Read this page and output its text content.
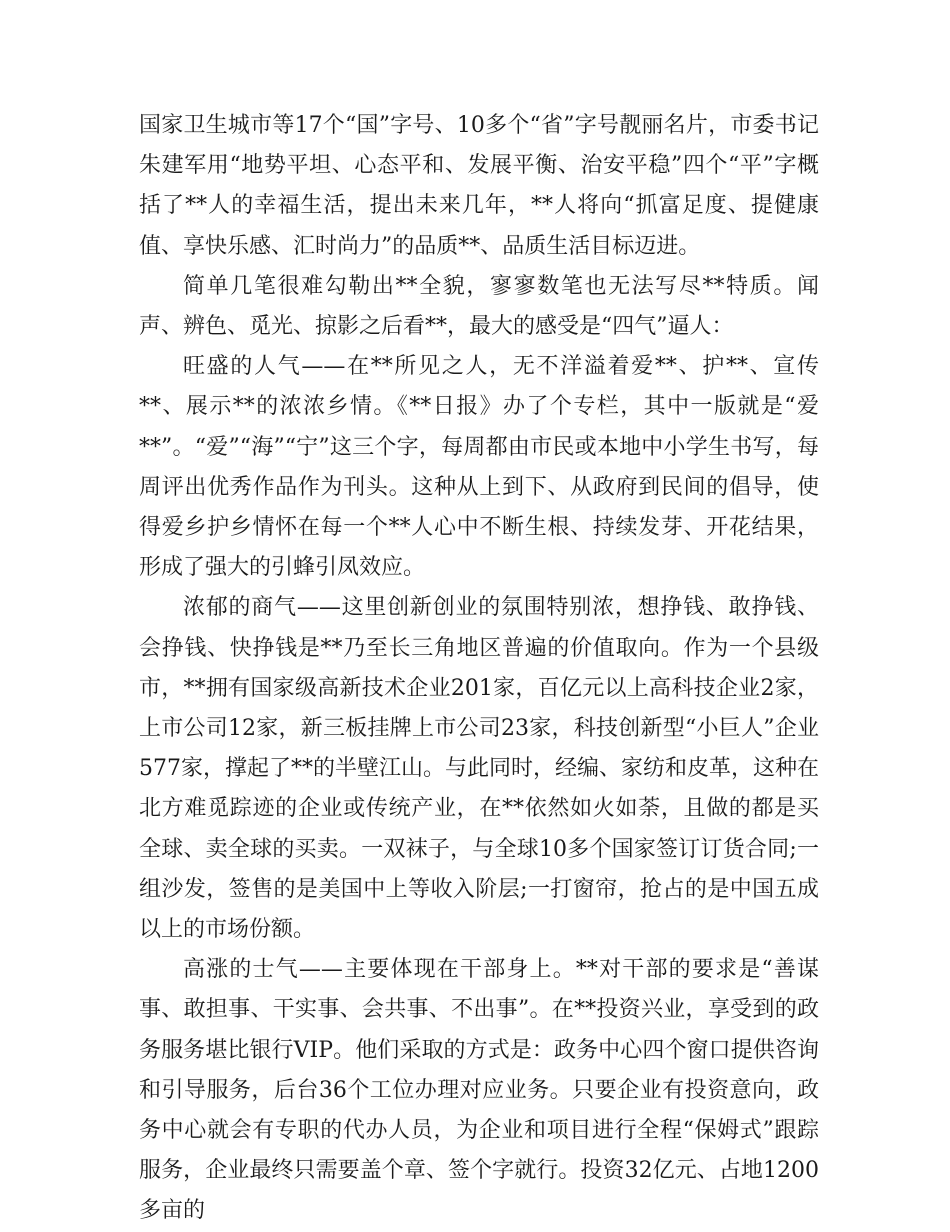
国家卫生城市等17个“国”字号、10多个“省”字号靓丽名片，市委书记朱建军用“地势平坦、心态平和、发展平衡、治安平稳”四个“平”字概括了**人的幸福生活，提出未来几年，**人将向“抓富足度、提健康值、享快乐感、汇时尚力”的品质**、品质生活目标迈进。

简单几笔很难勾勒出**全貌，寥寥数笔也无法写尽**特质。闻声、辨色、觅光、掠影之后看**，最大的感受是“四气”逼人：

旺盛的人气——在**所见之人，无不洋溢着爱**、护**、宣传**、展示**的浓浓乡情。《**日报》办了个专栏，其中一版就是“爱**”。“爱”“海”“宁”这三个字，每周都由市民或本地中小学生书写，每周评出优秀作品作为刊头。这种从上到下、从政府到民间的倡导，使得爱乡护乡情怀在每一个**人心中不断生根、持续发芽、开花结果，形成了强大的引蜂引凤效应。

浓郁的商气——这里创新创业的氛围特别浓，想挣钱、敢挣钱、会挣钱、快挣钱是**乃至长三角地区普遍的价值取向。作为一个县级市，**拥有国家级高新技术企业201家，百亿元以上高科技企业2家，上市公司12家，新三板挂牌上市公司23家，科技创新型“小巨人”企业577家，撑起了**的半壁江山。与此同时，经编、家纺和皮革，这种在北方难觅踪迹的企业或传统产业，在**依然如火如荼，且做的都是买全球、卖全球的买卖。一双袜子，与全球10多个国家签订订货合同;一组沙发，签售的是美国中上等收入阶层;一打窗帘，抢占的是中国五成以上的市场份额。

高涨的士气——主要体现在干部身上。**对干部的要求是“善谋事、敢担事、干实事、会共事、不出事”。在**投资兴业，享受到的政务服务堪比银行VIP。他们采取的方式是：政务中心四个窗口提供咨询和引导服务，后台36个工位办理对应业务。只要企业有投资意向，政务中心就会有专职的代办人员，为企业和项目进行全程“保姆式”跟踪服务，企业最终只需要盖个章、签个字就行。投资32亿元、占地1200多亩的
